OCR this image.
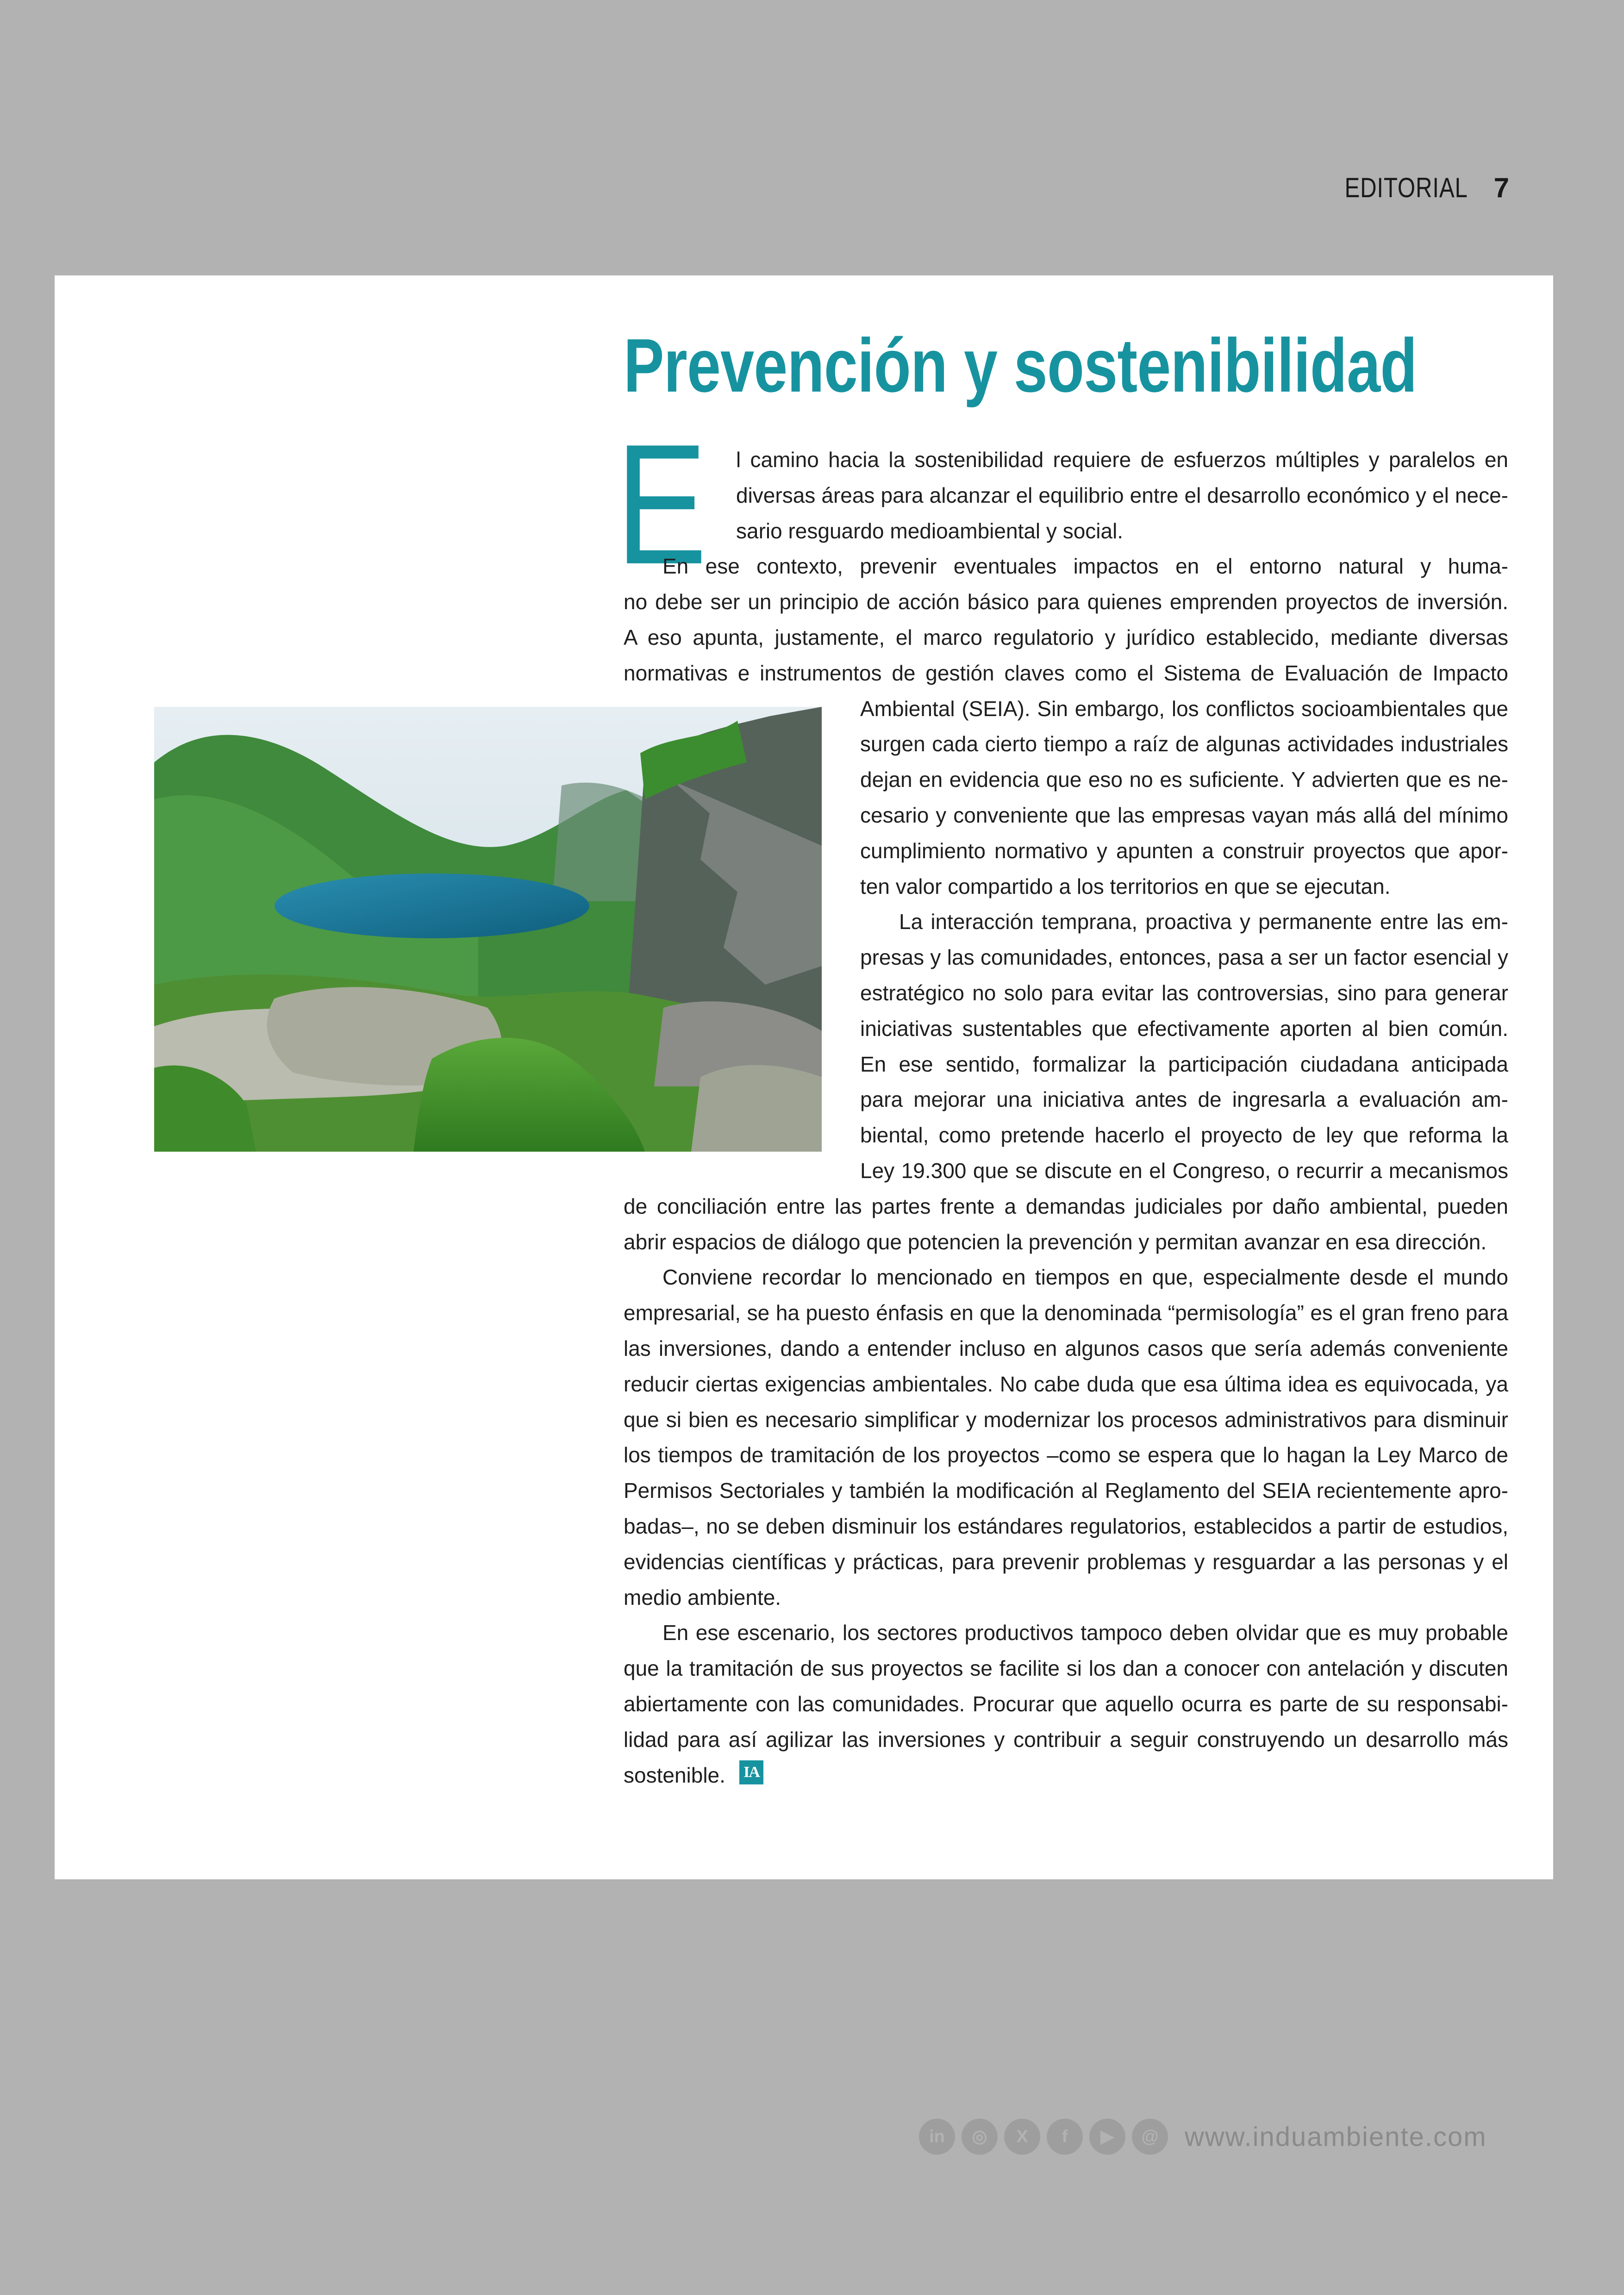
EDITORIAL 7
Prevención y sostenibilidad
E l camino hacia la sostenibilidad requiere de esfuerzos múltiples y paralelos en
diversas áreas para alcanzar el equilibrio entre el desarrollo económico y el nece-
sario resguardo medioambiental y social.
En ese contexto, prevenir eventuales impactos en el entorno natural y huma-
no debe ser un principio de acción básico para quienes emprenden proyectos de inversión.
A eso apunta, justamente, el marco regulatorio y jurídico establecido, mediante diversas
normativas e instrumentos de gestión claves como el Sistema de Evaluación de Impacto
Ambiental (SEIA). Sin embargo, los conflictos socioambientales que
surgen cada cierto tiempo a raíz de algunas actividades industriales
dejan en evidencia que eso no es suficiente. Y advierten que es ne-
cesario y conveniente que las empresas vayan más allá del mínimo
cumplimiento normativo y apunten a construir proyectos que apor-
ten valor compartido a los territorios en que se ejecutan.
La interacción temprana, proactiva y permanente entre las em-
presas y las comunidades, entonces, pasa a ser un factor esencial y
estratégico no solo para evitar las controversias, sino para generar
iniciativas sustentables que efectivamente aporten al bien común.
En ese sentido, formalizar la participación ciudadana anticipada
para mejorar una iniciativa antes de ingresarla a evaluación am-
biental, como pretende hacerlo el proyecto de ley que reforma la
Ley 19.300 que se discute en el Congreso, o recurrir a mecanismos
de conciliación entre las partes frente a demandas judiciales por daño ambiental, pueden
abrir espacios de diálogo que potencien la prevención y permitan avanzar en esa dirección.
Conviene recordar lo mencionado en tiempos en que, especialmente desde el mundo
empresarial, se ha puesto énfasis en que la denominada “permisología” es el gran freno para
las inversiones, dando a entender incluso en algunos casos que sería además conveniente
reducir ciertas exigencias ambientales. No cabe duda que esa última idea es equivocada, ya
que si bien es necesario simplificar y modernizar los procesos administrativos para disminuir
los tiempos de tramitación de los proyectos –como se espera que lo hagan la Ley Marco de
Permisos Sectoriales y también la modificación al Reglamento del SEIA recientemente apro-
badas–, no se deben disminuir los estándares regulatorios, establecidos a partir de estudios,
evidencias científicas y prácticas, para prevenir problemas y resguardar a las personas y el
medio ambiente.
En ese escenario, los sectores productivos tampoco deben olvidar que es muy probable
que la tramitación de sus proyectos se facilite si los dan a conocer con antelación y discuten
abiertamente con las comunidades. Procurar que aquello ocurra es parte de su responsabi-
lidad para así agilizar las inversiones y contribuir a seguir construyendo un desarrollo más
sostenible.	IA
in	◎	X	f	▶	@ www.induambiente.com
